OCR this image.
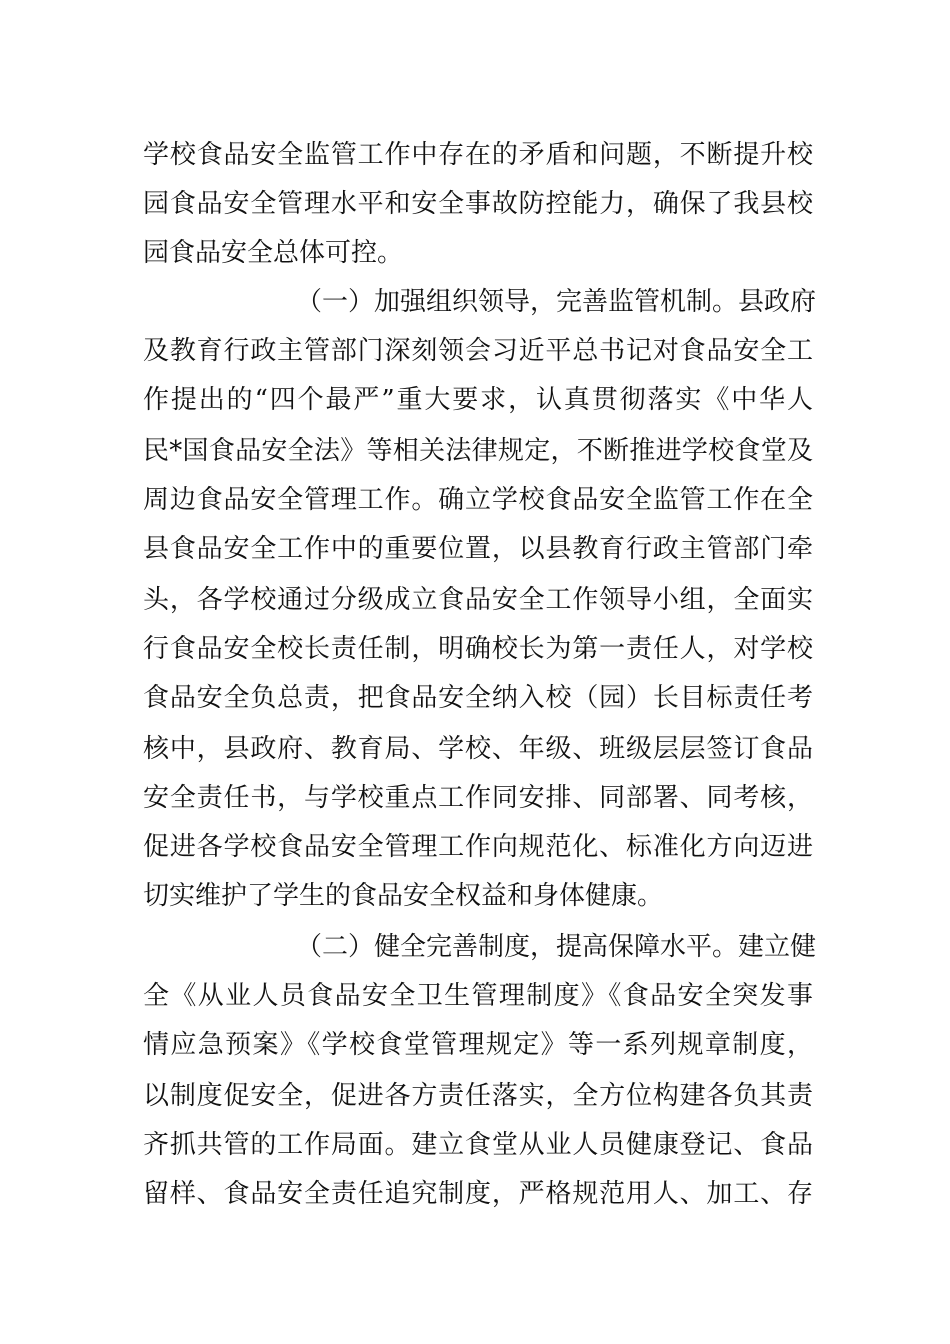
学校食品安全监管工作中存在的矛盾和问题，不断提升校
园食品安全管理水平和安全事故防控能力，确保了我县校
园食品安全总体可控。
（一）加强组织领导，完善监管机制。县政府
及教育行政主管部门深刻领会习近平总书记对食品安全工
作提出的“四个最严”重大要求，认真贯彻落实《中华人
民*国食品安全法》等相关法律规定，不断推进学校食堂及
周边食品安全管理工作。确立学校食品安全监管工作在全
县食品安全工作中的重要位置，以县教育行政主管部门牵
头，各学校通过分级成立食品安全工作领导小组，全面实
行食品安全校长责任制，明确校长为第一责任人，对学校
食品安全负总责，把食品安全纳入校（园）长目标责任考
核中，县政府、教育局、学校、年级、班级层层签订食品
安全责任书，与学校重点工作同安排、同部署、同考核，
促进各学校食品安全管理工作向规范化、标准化方向迈进
切实维护了学生的食品安全权益和身体健康。
（二）健全完善制度，提高保障水平。建立健
全《从业人员食品安全卫生管理制度》《食品安全突发事
情应急预案》《学校食堂管理规定》等一系列规章制度，
以制度促安全，促进各方责任落实，全方位构建各负其责
齐抓共管的工作局面。建立食堂从业人员健康登记、食品
留样、食品安全责任追究制度，严格规范用人、加工、存
